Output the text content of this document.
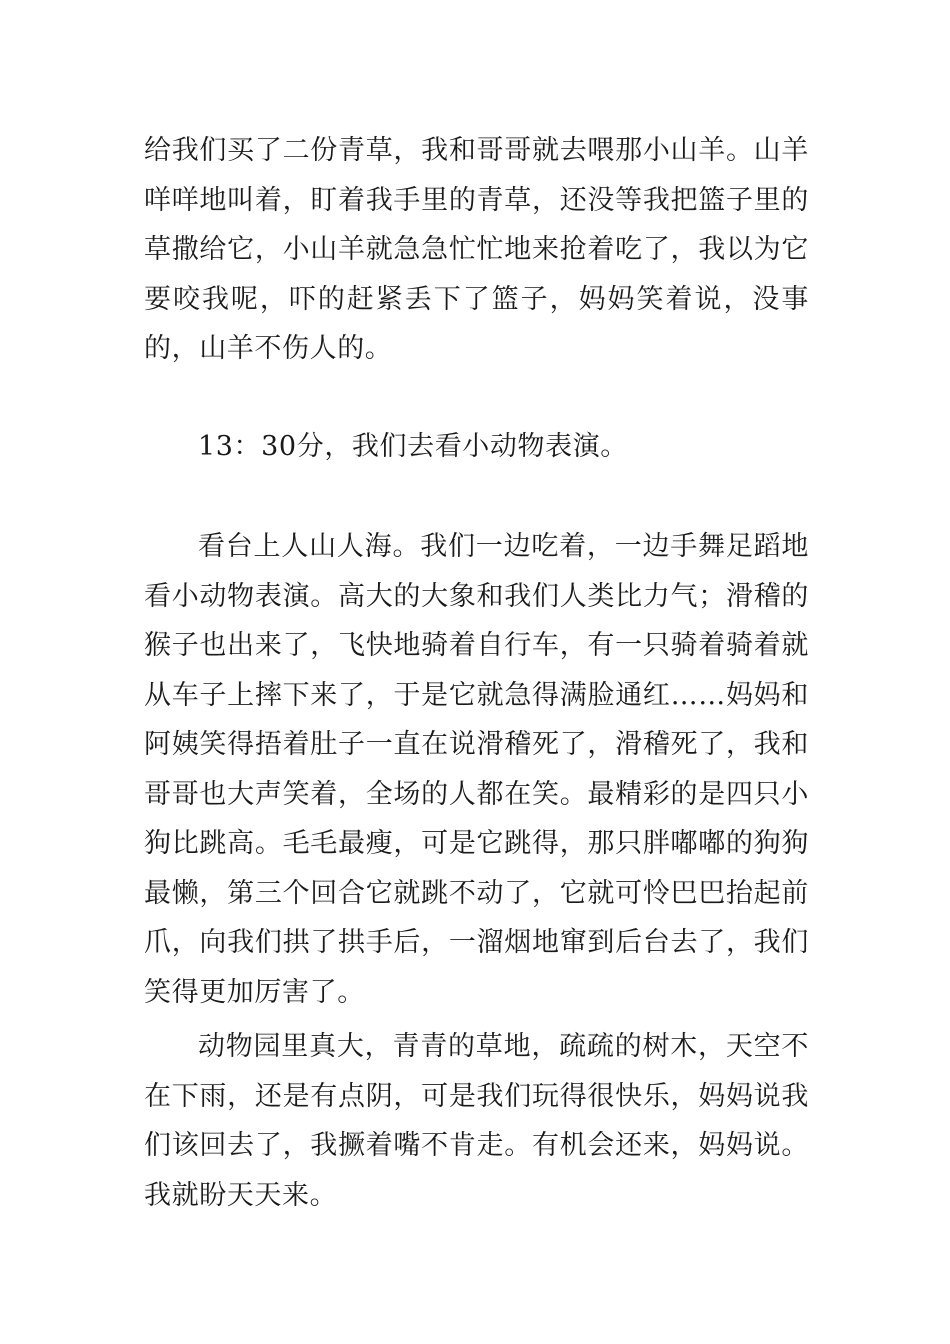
给我们买了二份青草，我和哥哥就去喂那小山羊。山羊咩咩地叫着，盯着我手里的青草，还没等我把篮子里的草撒给它，小山羊就急急忙忙地来抢着吃了，我以为它要咬我呢，吓的赶紧丢下了篮子，妈妈笑着说，没事的，山羊不伤人的。
13：30分，我们去看小动物表演。
看台上人山人海。我们一边吃着，一边手舞足蹈地看小动物表演。高大的大象和我们人类比力气；滑稽的猴子也出来了，飞快地骑着自行车，有一只骑着骑着就从车子上摔下来了，于是它就急得满脸通红……妈妈和阿姨笑得捂着肚子一直在说滑稽死了，滑稽死了，我和哥哥也大声笑着，全场的人都在笑。最精彩的是四只小狗比跳高。毛毛最瘦，可是它跳得，那只胖嘟嘟的狗狗最懒，第三个回合它就跳不动了，它就可怜巴巴抬起前爪，向我们拱了拱手后，一溜烟地窜到后台去了，我们笑得更加厉害了。
动物园里真大，青青的草地，疏疏的树木，天空不在下雨，还是有点阴，可是我们玩得很快乐，妈妈说我们该回去了，我撅着嘴不肯走。有机会还来，妈妈说。我就盼天天来。
